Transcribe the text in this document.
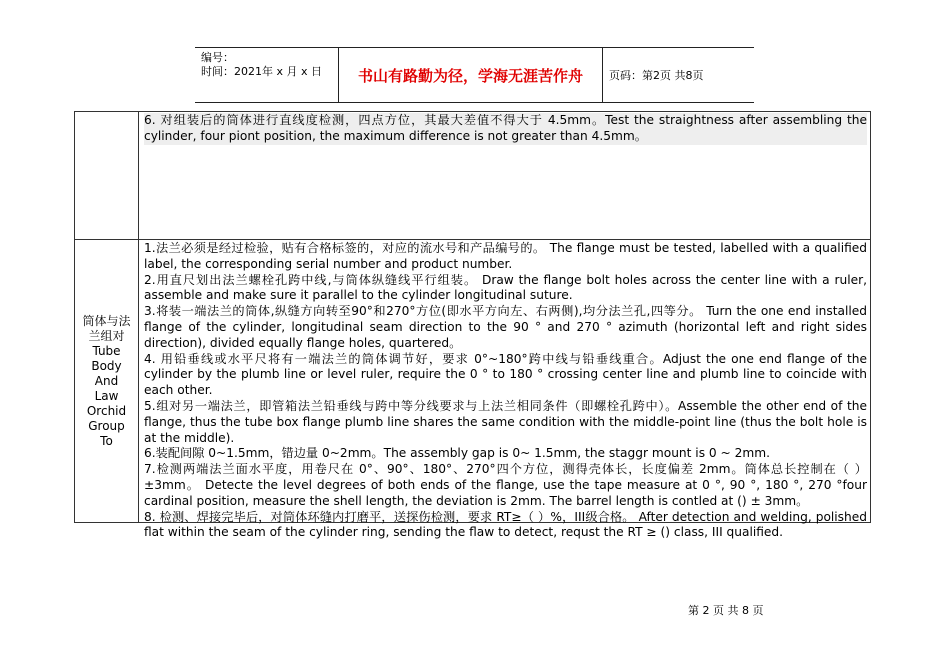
编号：
时间：2021年 x 月 x 日	书山有路勤为径，学海无涯苦作舟	页码：第2页 共8页

6. 对组装后的筒体进行直线度检测，四点方位，其最大差值不得大于 4.5mm。Test the straightness after assembling the cylinder, four piont position, the maximum difference is not greater than 4.5mm。

筒体与法兰组对 Tube Body And Law Orchid Group To

1.法兰必须是经过检验，贴有合格标签的，对应的流水号和产品编号的。 The flange must be tested, labelled with a qualified label, the corresponding serial number and product number.

2.用直尺划出法兰螺栓孔跨中线,与筒体纵缝线平行组装。 Draw the flange bolt holes across the center line with a ruler, assemble and make sure it parallel to the cylinder longitudinal suture.

3.将装一端法兰的筒体,纵缝方向转至90°和270°方位(即水平方向左、右两侧),均分法兰孔,四等分。 Turn the one end installed flange of the cylinder, longitudinal seam direction to the 90 ° and 270 ° azimuth (horizontal left and right sides direction), divided equally flange holes, quartered。

4. 用铅垂线或水平尺将有一端法兰的筒体调节好，要求 0°~180°跨中线与铅垂线重合。Adjust the one end flange of the cylinder by the plumb line or level ruler, require the 0 ° to 180 ° crossing center line and plumb line to coincide with each other.

5.组对另一端法兰，即管箱法兰铅垂线与跨中等分线要求与上法兰相同条件（即螺栓孔跨中）。Assemble the other end of the flange, thus the tube box flange plumb line shares the same condition with the middle-point line (thus the bolt hole is at the middle).

6.装配间隙 0~1.5mm，错边量 0~2mm。The assembly gap is 0~ 1.5mm, the staggr mount is 0 ~ 2mm.

7.检测两端法兰面水平度，用卷尺在 0°、90°、180°、270°四个方位，测得壳体长，长度偏差 2mm。筒体总长控制在（ ）±3mm。 Detecte the level degrees of both ends of the flange, use the tape measure at 0 °, 90 °, 180 °, 270 °four cardinal position, measure the shell length, the deviation is 2mm. The barrel length is contled at () ± 3mm。

8. 检测、焊接完毕后，对筒体环缝内打磨平，送探伤检测，要求 RT≥（ ）%，III级合格。 After detection and welding, polished flat within the seam of the cylinder ring, sending the flaw to detect, requst the RT ≥ () class, III qualified.

第 2 页 共 8 页
